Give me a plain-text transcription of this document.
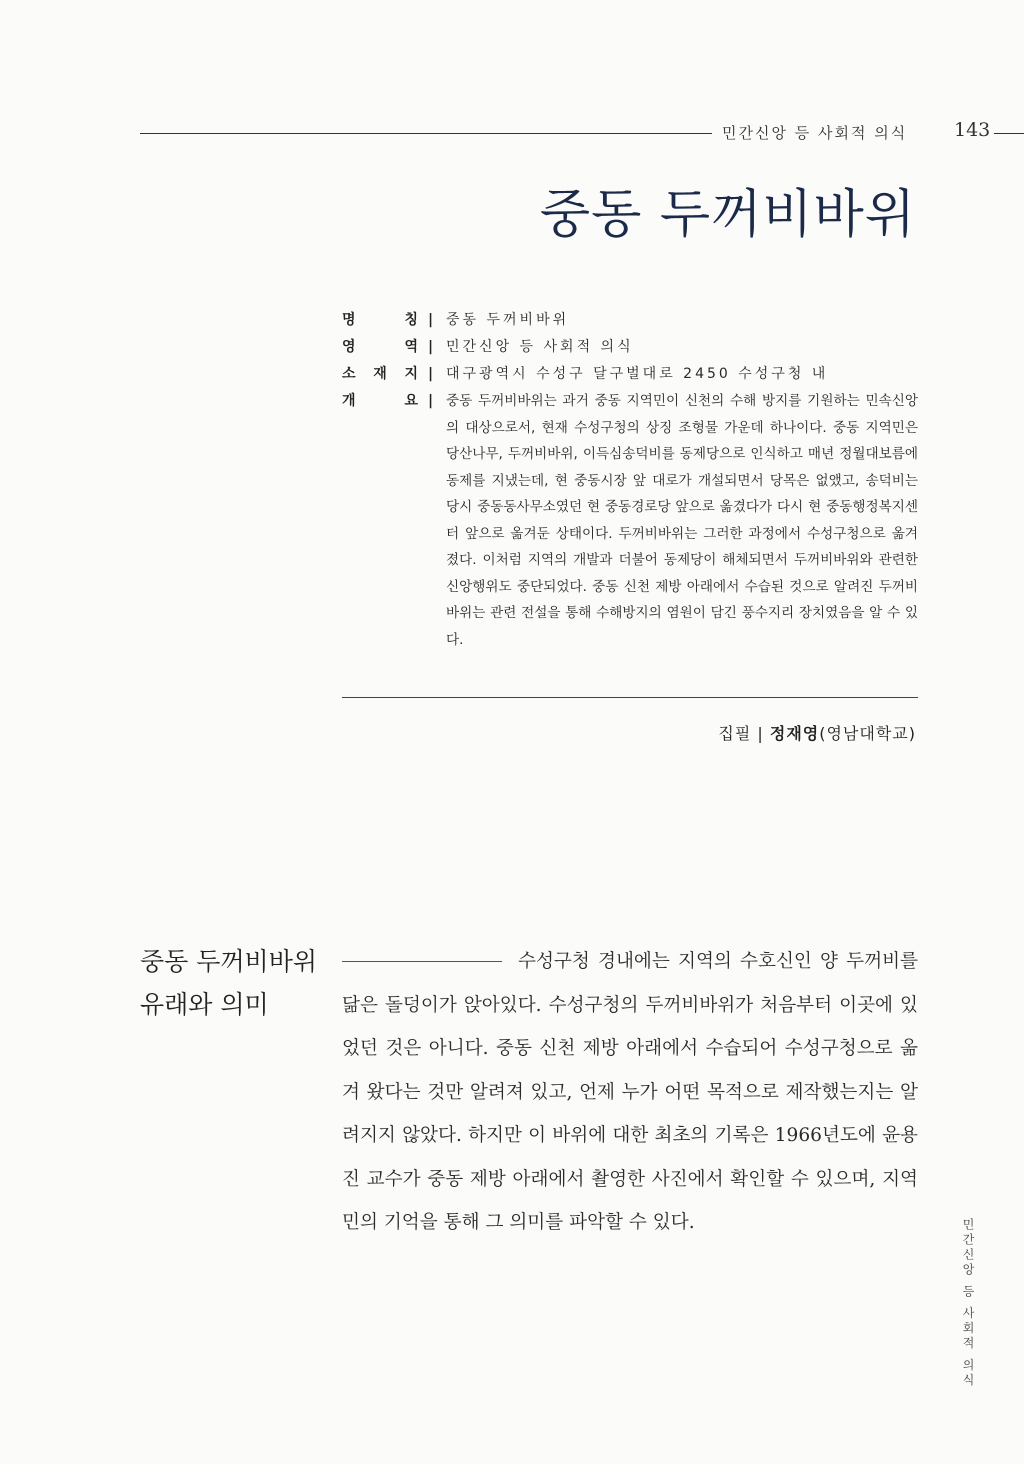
민간신앙 등 사회적 의식 143
중동 두꺼비바위
명	칭 | 중동 두꺼비바위
영	역 | 민간신앙 등 사회적 의식
소 재 지 | 대구광역시 수성구 달구벌대로 2450 수성구청 내
개	요 | 중동 두꺼비바위는 과거 중동 지역민이 신천의 수해 방지를 기원하는 민속신앙의 대상으로서, 현재 수성구청의 상징 조형물 가운데 하나이다. 중동 지역민은 당산나무, 두꺼비바위, 이득심송덕비를 동제당으로 인식하고 매년 정월대보름에 동제를 지냈는데, 현 중동시장 앞 대로가 개설되면서 당목은 없앴고, 송덕비는 당시 중동동사무소였던 현 중동경로당 앞으로 옮겼다가 다시 현 중동행정복지센터 앞으로 옮겨둔 상태이다. 두꺼비바위는 그러한 과정에서 수성구청으로 옮겨졌다. 이처럼 지역의 개발과 더불어 동제당이 해체되면서 두꺼비바위와 관련한 신앙행위도 중단되었다. 중동 신천 제방 아래에서 수습된 것으로 알려진 두꺼비바위는 관련 전설을 통해 수해방지의 염원이 담긴 풍수지리 장치였음을 알 수 있다.
집필 | 정재영(영남대학교)
중동 두꺼비바위
유래와 의미

수성구청 경내에는 지역의 수호신인 양 두꺼비를 닮은 돌덩이가 앉아있다. 수성구청의 두꺼비바위가 처음부터 이곳에 있었던 것은 아니다. 중동 신천 제방 아래에서 수습되어 수성구청으로 옮겨 왔다는 것만 알려져 있고, 언제 누가 어떤 목적으로 제작했는지는 알려지지 않았다. 하지만 이 바위에 대한 최초의 기록은 1966년도에 윤용진 교수가 중동 제방 아래에서 촬영한 사진에서 확인할 수 있으며, 지역민의 기억을 통해 그 의미를 파악할 수 있다.	민간신앙 등 사회적 의식
